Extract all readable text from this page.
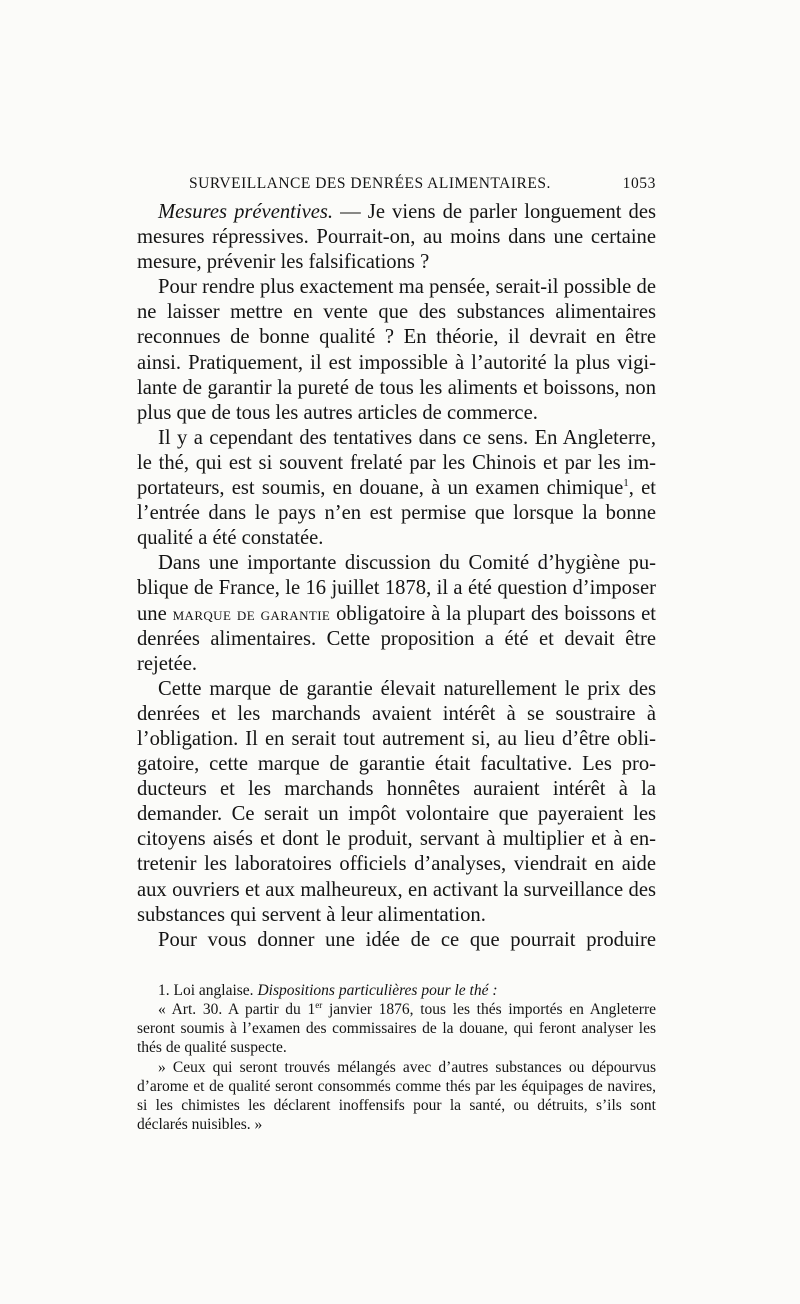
SURVEILLANCE DES DENRÉES ALIMENTAIRES.	1053

Mesures préventives. — Je viens de parler longuement des mesures répressives. Pourrait-on, au moins dans une certaine mesure, prévenir les falsifications ?

Pour rendre plus exactement ma pensée, serait-il possible de ne laisser mettre en vente que des substances alimentaires reconnues de bonne qualité ? En théorie, il devrait en être ainsi. Pratiquement, il est impossible à l’autorité la plus vigilante de garantir la pureté de tous les aliments et boissons, non plus que de tous les autres articles de commerce.

Il y a cependant des tentatives dans ce sens. En Angleterre, le thé, qui est si souvent frelaté par les Chinois et par les importateurs, est soumis, en douane, à un examen chimique$^1$, et l’entrée dans le pays n’en est permise que lorsque la bonne qualité a été constatée.

Dans une importante discussion du Comité d’hygiène publique de France, le 16 juillet 1878, il a été question d’imposer une marque de garantie obligatoire à la plupart des boissons et denrées alimentaires. Cette proposition a été et devait être rejetée.

Cette marque de garantie élevait naturellement le prix des denrées et les marchands avaient intérêt à se soustraire à l’obligation. Il en serait tout autrement si, au lieu d’être obligatoire, cette marque de garantie était facultative. Les producteurs et les marchands honnêtes auraient intérêt à la demander. Ce serait un impôt volontaire que payeraient les citoyens aisés et dont le produit, servant à multiplier et à entretenir les laboratoires officiels d’analyses, viendrait en aide aux ouvriers et aux malheureux, en activant la surveillance des substances qui servent à leur alimentation.

Pour vous donner une idée de ce que pourrait produire

1. Loi anglaise. Dispositions particulières pour le thé :

« Art. 30. A partir du 1er janvier 1876, tous les thés importés en Angleterre seront soumis à l’examen des commissaires de la douane, qui feront analyser les thés de qualité suspecte.

» Ceux qui seront trouvés mélangés avec d’autres substances ou dépourvus d’arome et de qualité seront consommés comme thés par les équipages de navires, si les chimistes les déclarent inoffensifs pour la santé, ou détruits, s’ils sont déclarés nuisibles. »
